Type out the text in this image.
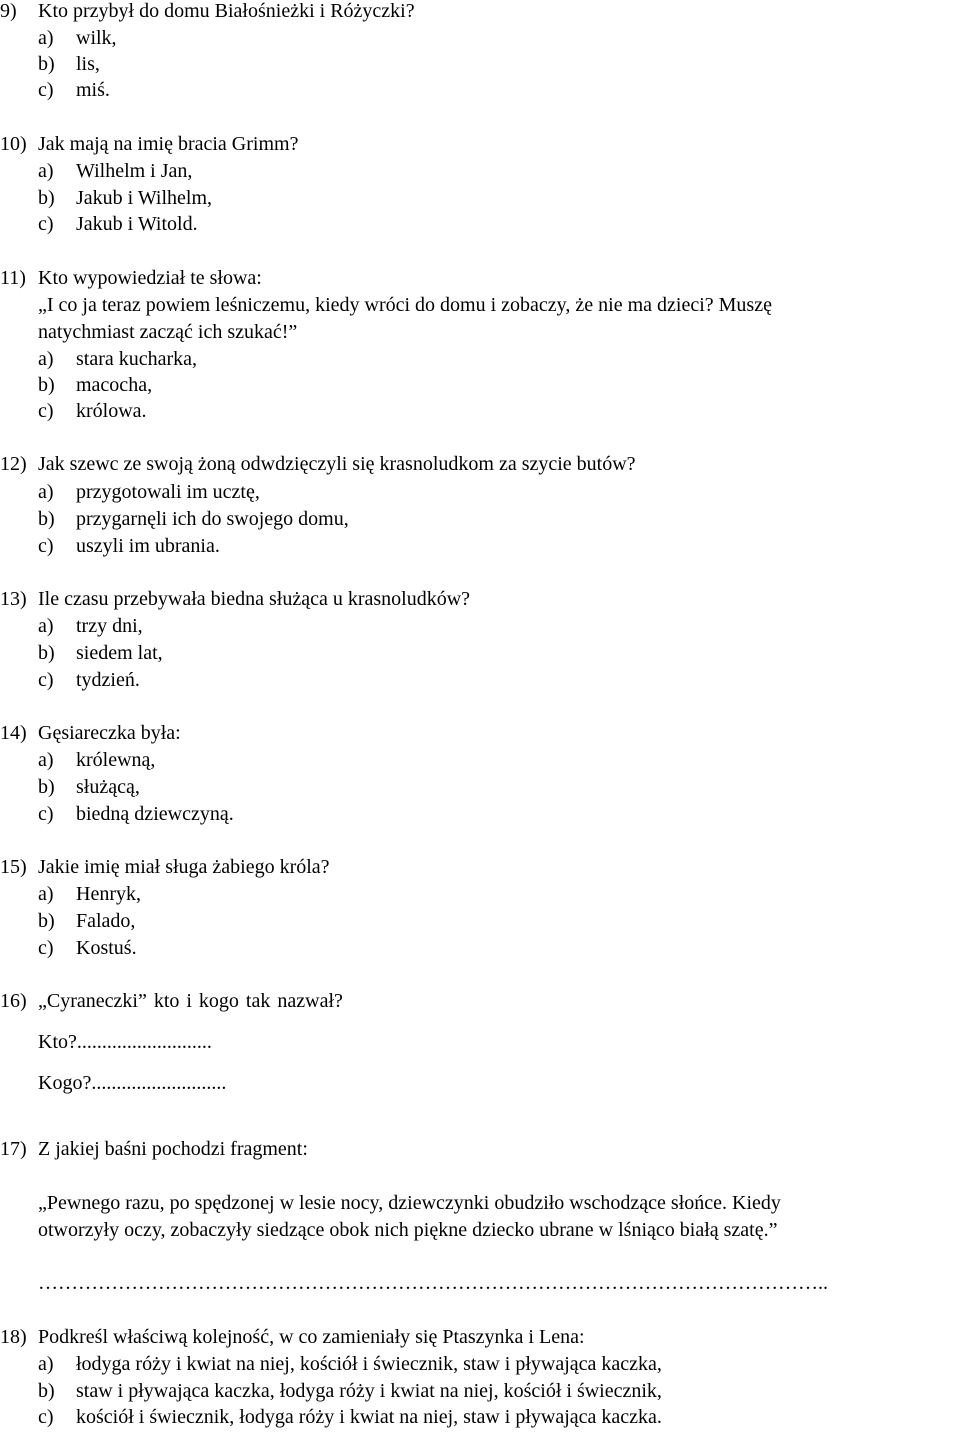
9) Kto przybył do domu Białośnieżki i Różyczki?
a) wilk,
b) lis,
c) miś.
10) Jak mają na imię bracia Grimm?
a) Wilhelm i Jan,
b) Jakub i Wilhelm,
c) Jakub i Witold.
11) Kto wypowiedział te słowa:
„I co ja teraz powiem leśniczemu, kiedy wróci do domu i zobaczy, że nie ma dzieci? Muszę
natychmiast zacząć ich szukać!”
a) stara kucharka,
b) macocha,
c) królowa.
12) Jak szewc ze swoją żoną odwdzięczyli się krasnoludkom za szycie butów?
a) przygotowali im ucztę,
b) przygarnęli ich do swojego domu,
c) uszyli im ubrania.
13) Ile czasu przebywała biedna służąca u krasnoludków?
a) trzy dni,
b) siedem lat,
c) tydzień.
14) Gęsiareczka była:
a) królewną,
b) służącą,
c) biedną dziewczyną.
15) Jakie imię miał sługa żabiego króla?
a) Henryk,
b) Falado,
c) Kostuś.
16) „Cyraneczki” kto i kogo tak nazwał?
Kto?...........................
Kogo?...........................
17) Z jakiej baśni pochodzi fragment:
„Pewnego razu, po spędzonej w lesie nocy, dziewczynki obudziło wschodzące słońce. Kiedy
otworzyły oczy, zobaczyły siedzące obok nich piękne dziecko ubrane w lśniąco białą szatę.”
………………………………………………………………………………………………………..
18) Podkreśl właściwą kolejność, w co zamieniały się Ptaszynka i Lena:
a) łodyga róży i kwiat na niej, kościół i świecznik, staw i pływająca kaczka,
b) staw i pływająca kaczka, łodyga róży i kwiat na niej, kościół i świecznik,
c) kościół i świecznik, łodyga róży i kwiat na niej, staw i pływająca kaczka.
